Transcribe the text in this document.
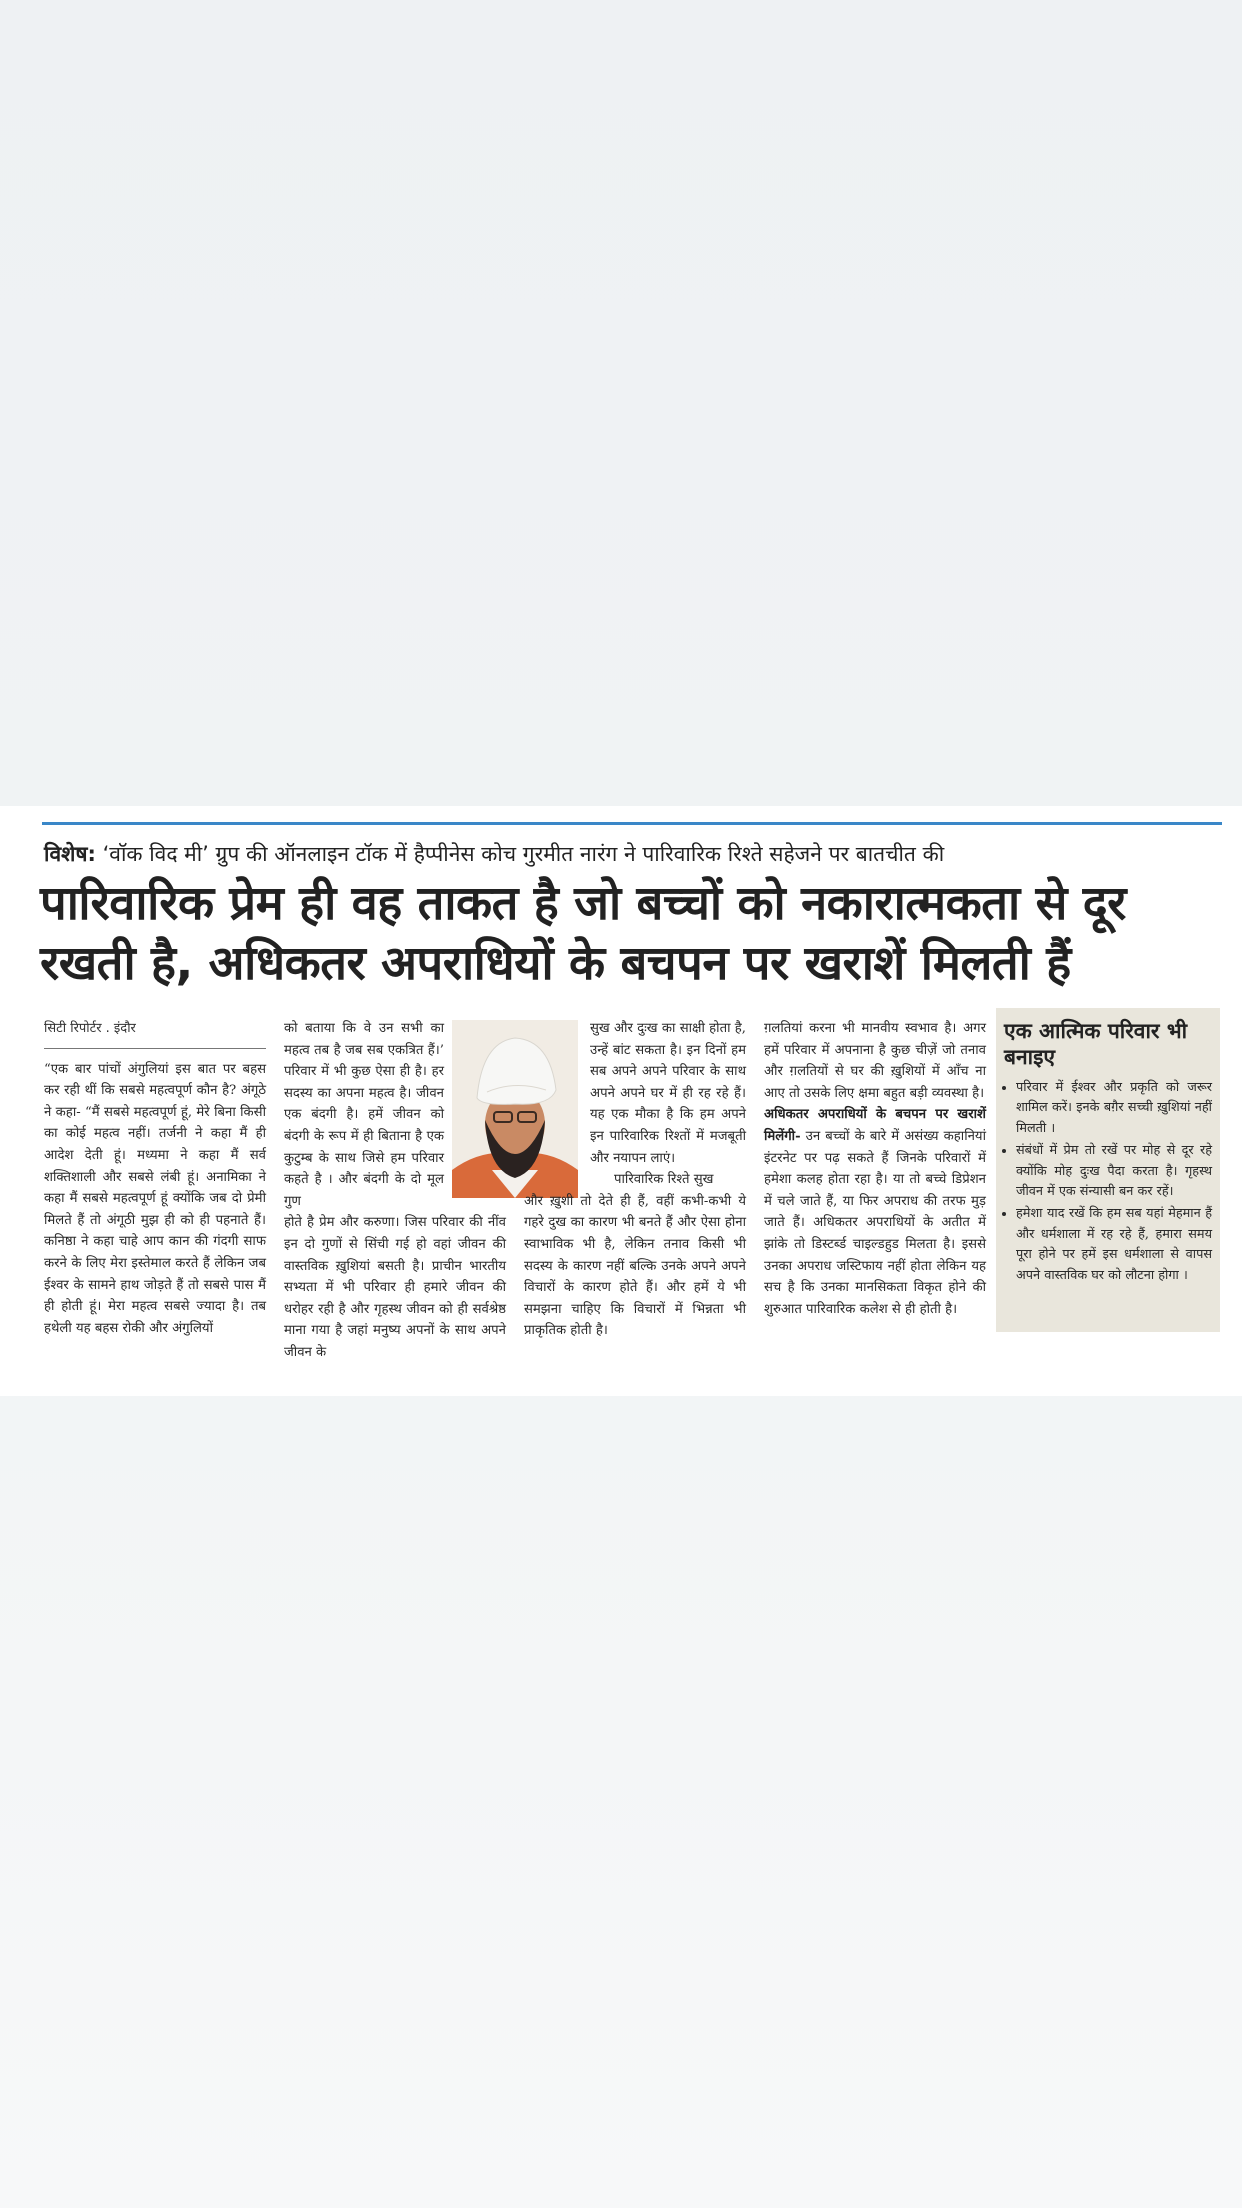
विशेष: ‘वॉक विद मी’ ग्रुप की ऑनलाइन टॉक में हैप्पीनेस कोच गुरमीत नारंग ने पारिवारिक रिश्ते सहेजने पर बातचीत की
पारिवारिक प्रेम ही वह ताकत है जो बच्चों को नकारात्मकता से दूर
रखती है, अधिकतर अपराधियों के बचपन पर खराशें मिलती हैं
सिटी रिपोर्टर . इंदौर
“एक बार पांचों अंगुलियां इस बात पर बहस कर रही थीं कि सबसे महत्वपूर्ण कौन है? अंगूठे ने कहा- “मैं सबसे महत्वपूर्ण हूं, मेरे बिना किसी का कोई महत्व नहीं। तर्जनी ने कहा मैं ही आदेश देती हूं। मध्यमा ने कहा मैं सर्व शक्तिशाली और सबसे लंबी हूं। अनामिका ने कहा मैं सबसे महत्वपूर्ण हूं क्योंकि जब दो प्रेमी मिलते हैं तो अंगूठी मुझ ही को ही पहनाते हैं। कनिष्ठा ने कहा चाहे आप कान की गंदगी साफ करने के लिए मेरा इस्तेमाल करते हैं लेकिन जब ईश्वर के सामने हाथ जोड़ते हैं तो सबसे पास मैं ही होती हूं। मेरा महत्व सबसे ज्यादा है। तब हथेली यह बहस रोकी और अंगुलियों
को बताया कि वे उन सभी का महत्व तब है जब सब एकत्रित हैं।’ परिवार में भी कुछ ऐसा ही है। हर सदस्य का अपना महत्व है। जीवन एक बंदगी है। हमें जीवन को बंदगी के रूप में ही बिताना है एक कुटुम्ब के साथ जिसे हम परिवार कहते है । और बंदगी के दो मूल गुण
होते है प्रेम और करुणा। जिस परिवार की नींव इन दो गुणों से सिंची गई हो वहां जीवन की वास्तविक ख़ुशियां बसती है। प्राचीन भारतीय सभ्यता में भी परिवार ही हमारे जीवन की धरोहर रही है और गृहस्थ जीवन को ही सर्वश्रेष्ठ माना गया है जहां मनुष्य अपनों के साथ अपने जीवन के
सुख और दुःख का साक्षी होता है, उन्हें बांट सकता है। इन दिनों हम सब अपने अपने परिवार के साथ अपने अपने घर में ही रह रहे हैं। यह एक मौका है कि हम अपने इन पारिवारिक रिश्तों में मजबूती और नयापन लाएं।
पारिवारिक रिश्ते सुख
और ख़ुशी तो देते ही हैं, वहीं कभी-कभी ये गहरे दुख का कारण भी बनते हैं और ऐसा होना स्वाभाविक भी है, लेकिन तनाव किसी भी सदस्य के कारण नहीं बल्कि उनके अपने अपने विचारों के कारण होते हैं। और हमें ये भी समझना चाहिए कि विचारों में भिन्नता भी प्राकृतिक होती है।
ग़लतियां करना भी मानवीय स्वभाव है। अगर हमें परिवार में अपनाना है कुछ चीज़ें जो तनाव और ग़लतियों से घर की ख़ुशियों में आँच ना आए तो उसके लिए क्षमा बहुत बड़ी व्यवस्था है।
अधिकतर अपराधियों के बचपन पर खराशें मिलेंगी- उन बच्चों के बारे में असंख्य कहानियां इंटरनेट पर पढ़ सकते हैं जिनके परिवारों में हमेशा कलह होता रहा है। या तो बच्चे डिप्रेशन में चले जाते हैं, या फिर अपराध की तरफ मुड़ जाते हैं। अधिकतर अपराधियों के अतीत में झांके तो डिस्टर्ब्ड चाइल्डहुड मिलता है। इससे उनका अपराध जस्टिफाय नहीं होता लेकिन यह सच है कि उनका मानसिकता विकृत होने की शुरुआत पारिवारिक कलेश से ही होती है।
एक आत्मिक परिवार भी बनाइए
• परिवार में ईश्वर और प्रकृति को जरूर शामिल करें। इनके बग़ैर सच्ची ख़ुशियां नहीं मिलती ।
• संबंधों में प्रेम तो रखें पर मोह से दूर रहे क्योंकि मोह दुःख पैदा करता है। गृहस्थ जीवन में एक संन्यासी बन कर रहें।
• हमेशा याद रखें कि हम सब यहां मेहमान हैं और धर्मशाला में रह रहे हैं, हमारा समय पूरा होने पर हमें इस धर्मशाला से वापस अपने वास्तविक घर को लौटना होगा ।
